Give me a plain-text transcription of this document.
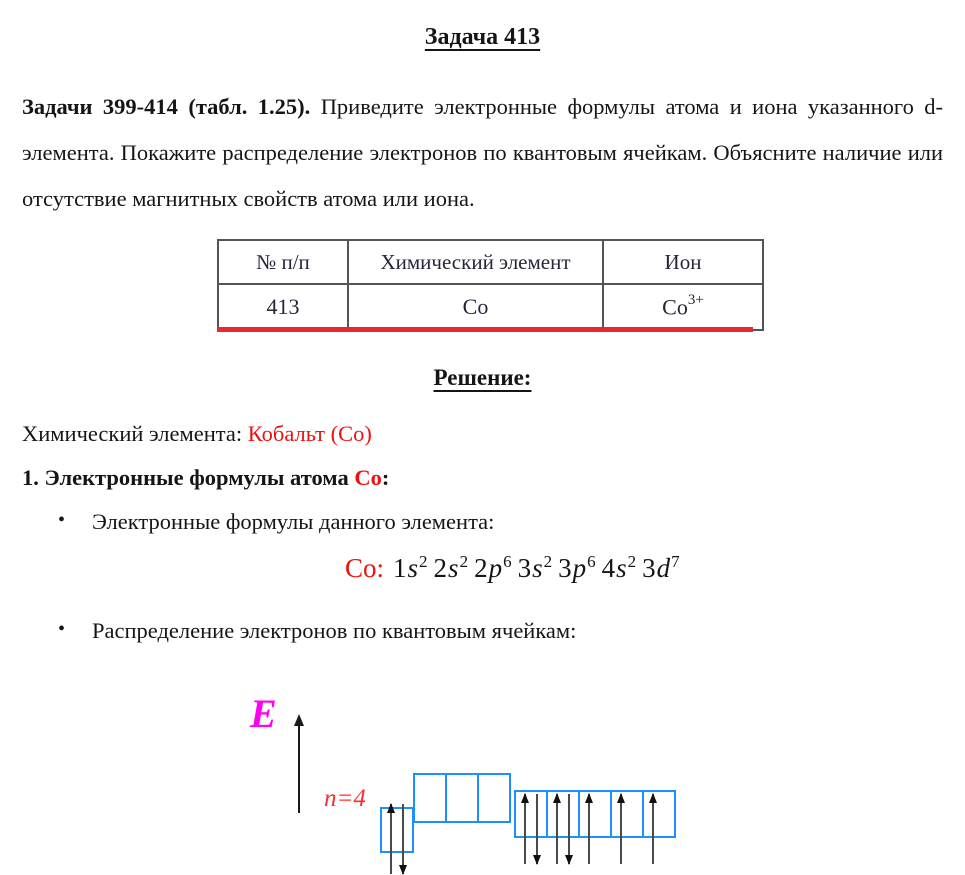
Задача 413
Задачи 399-414 (табл. 1.25). Приведите электронные формулы атома и иона указанного d-элемента. Покажите распределение электронов по квантовым ячейкам. Объясните наличие или отсутствие магнитных свойств атома или иона.
№ п/п	Химический элемент	Ион
413	Co	$Co^{3+}$
Решение:
Химический элемента: Кобальт (Co)
1. Электронные формулы атома Co:
•	Электронные формулы данного элемента:
Co: $1s^2$ $2s^2$ $2p^6$ $3s^2$ $3p^6$ $4s^2$ $3d^7$
•	Распределение электронов по квантовым ячейкам:
E
n=4
